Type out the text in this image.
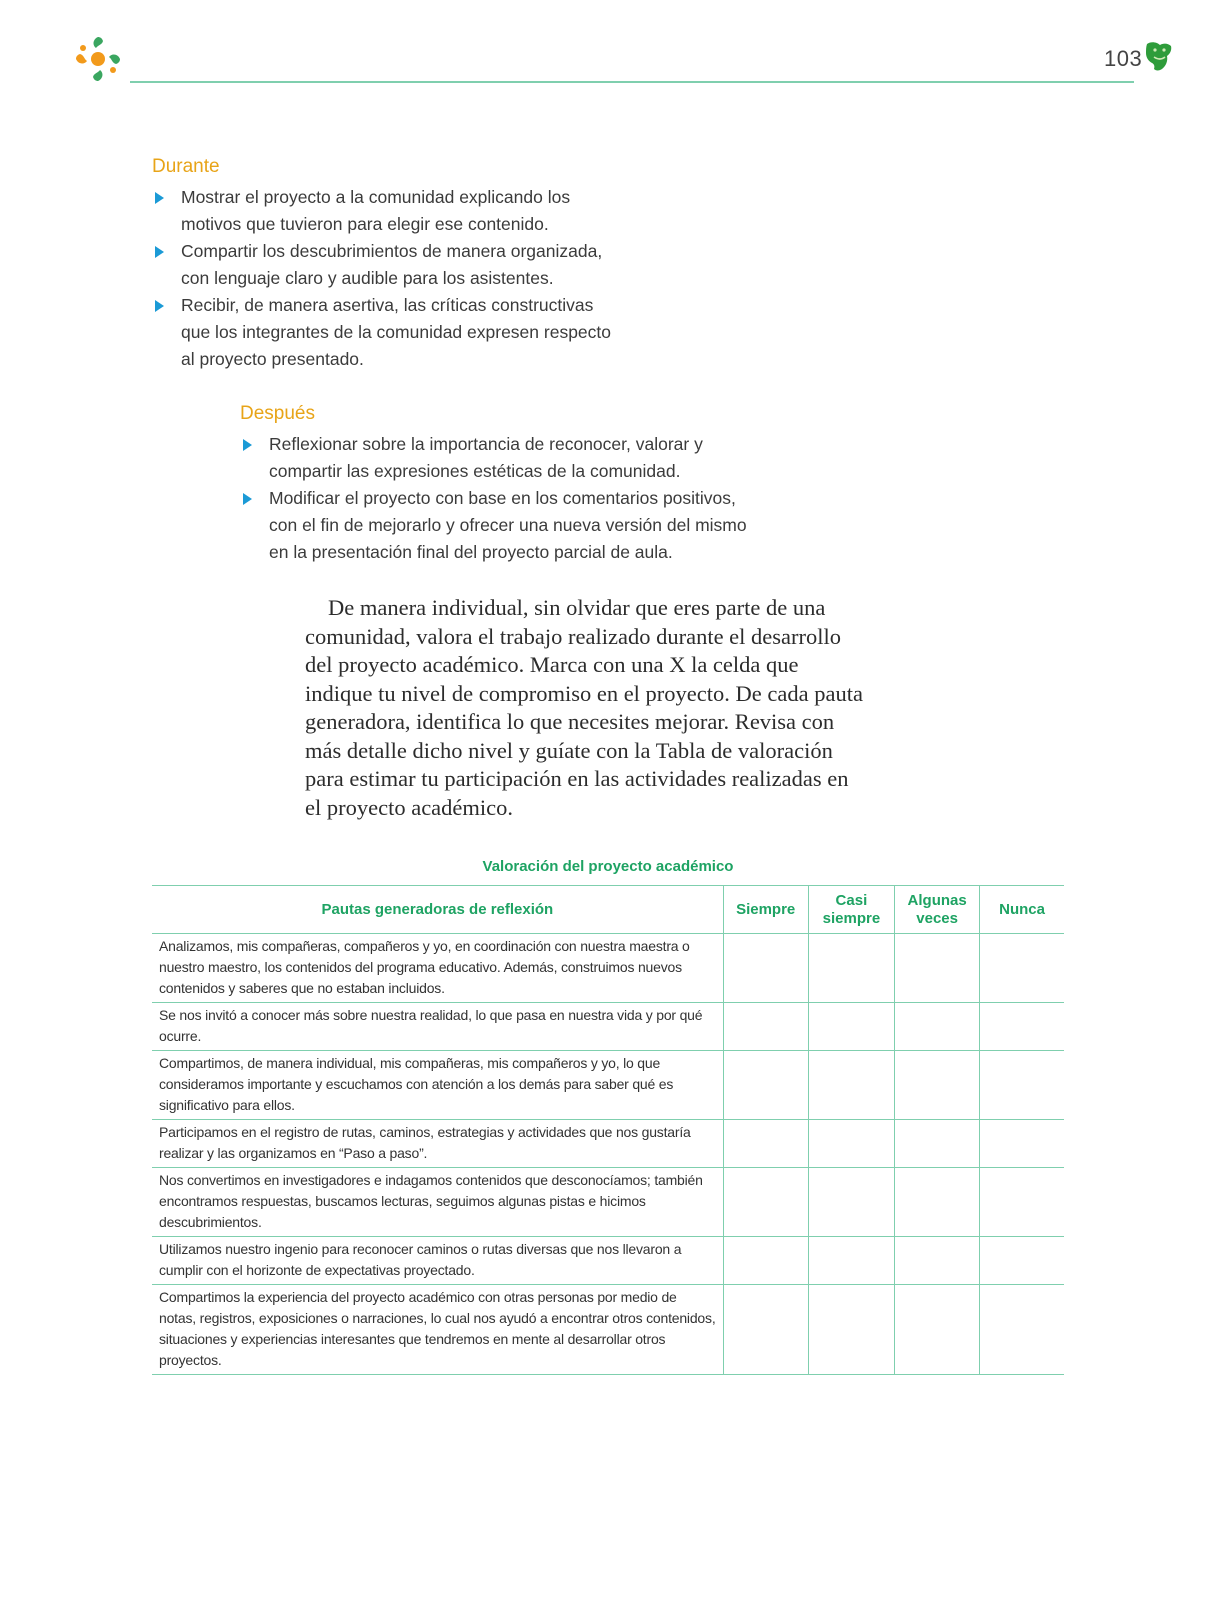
103
Durante
Mostrar el proyecto a la comunidad explicando los motivos que tuvieron para elegir ese contenido.
Compartir los descubrimientos de manera organizada, con lenguaje claro y audible para los asistentes.
Recibir, de manera asertiva, las críticas constructivas que los integrantes de la comunidad expresen respecto al proyecto presentado.
Después
Reflexionar sobre la importancia de reconocer, valorar y compartir las expresiones estéticas de la comunidad.
Modificar el proyecto con base en los comentarios positivos, con el fin de mejorarlo y ofrecer una nueva versión del mismo en la presentación final del proyecto parcial de aula.

De manera individual, sin olvidar que eres parte de una comunidad, valora el trabajo realizado durante el desarrollo del proyecto académico. Marca con una X la celda que indique tu nivel de compromiso en el proyecto. De cada pauta generadora, identifica lo que necesites mejorar. Revisa con más detalle dicho nivel y guíate con la Tabla de valoración para estimar tu participación en las actividades realizadas en el proyecto académico.

Valoración del proyecto académico
Pautas generadoras de reflexión	Siempre	Casi siempre	Algunas veces	Nunca
Analizamos, mis compañeras, compañeros y yo, en coordinación con nuestra maestra o nuestro maestro, los contenidos del programa educativo. Además, construimos nuevos contenidos y saberes que no estaban incluidos.				
Se nos invitó a conocer más sobre nuestra realidad, lo que pasa en nuestra vida y por qué ocurre.				
Compartimos, de manera individual, mis compañeras, mis compañeros y yo, lo que consideramos importante y escuchamos con atención a los demás para saber qué es significativo para ellos.				
Participamos en el registro de rutas, caminos, estrategias y actividades que nos gustaría realizar y las organizamos en “Paso a paso”.				
Nos convertimos en investigadores e indagamos contenidos que desconocíamos; también encontramos respuestas, buscamos lecturas, seguimos algunas pistas e hicimos descubrimientos.				
Utilizamos nuestro ingenio para reconocer caminos o rutas diversas que nos llevaron a cumplir con el horizonte de expectativas proyectado.				
Compartimos la experiencia del proyecto académico con otras personas por medio de notas, registros, exposiciones o narraciones, lo cual nos ayudó a encontrar otros contenidos, situaciones y experiencias interesantes que tendremos en mente al desarrollar otros proyectos.				
